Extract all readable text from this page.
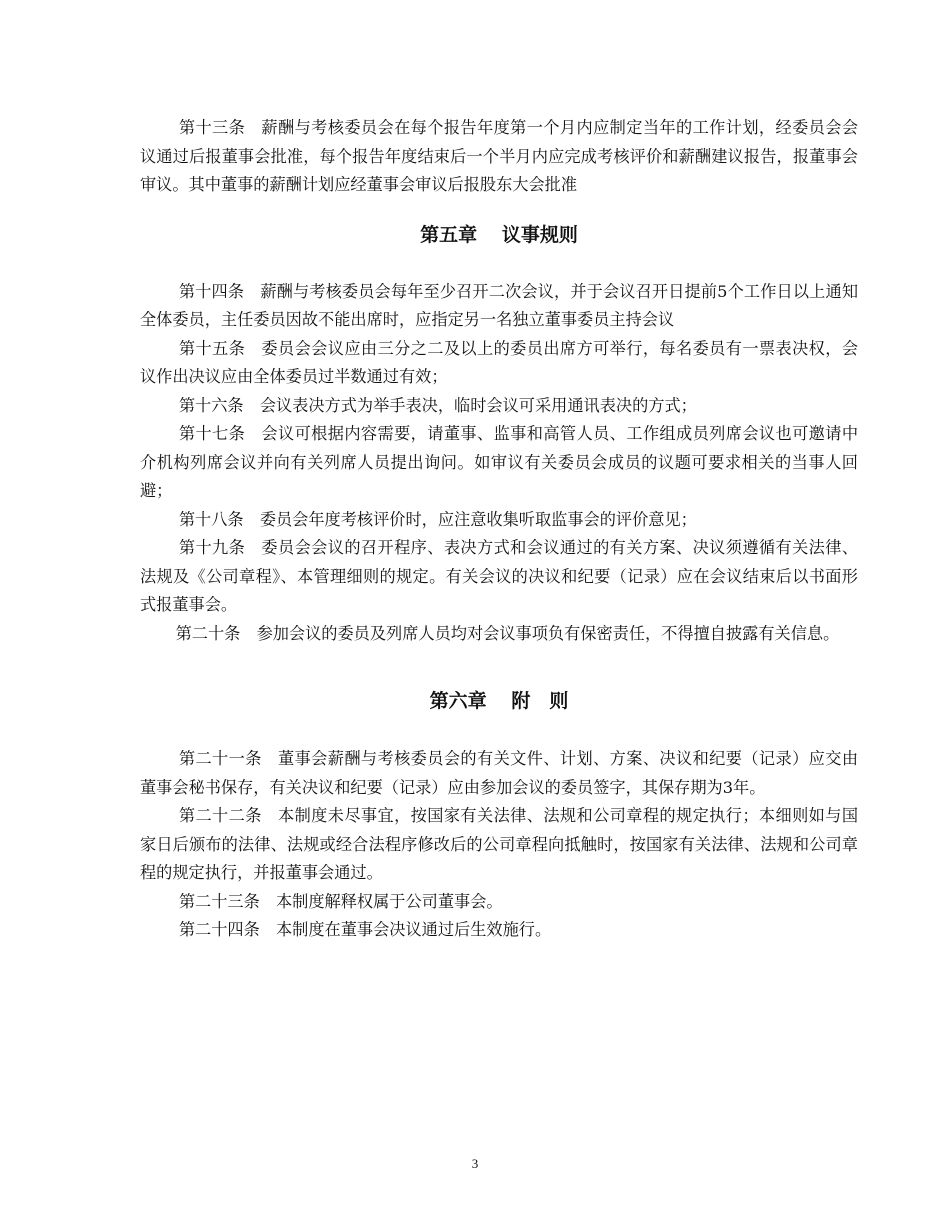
第十三条 薪酬与考核委员会在每个报告年度第一个月内应制定当年的工作计划，经委员会会议通过后报董事会批准，每个报告年度结束后一个半月内应完成考核评价和薪酬建议报告，报董事会审议。其中董事的薪酬计划应经董事会审议后报股东大会批准

第五章 议事规则

第十四条 薪酬与考核委员会每年至少召开二次会议，并于会议召开日提前5个工作日以上通知全体委员，主任委员因故不能出席时，应指定另一名独立董事委员主持会议

第十五条 委员会会议应由三分之二及以上的委员出席方可举行，每名委员有一票表决权，会议作出决议应由全体委员过半数通过有效；

第十六条 会议表决方式为举手表决，临时会议可采用通讯表决的方式；

第十七条 会议可根据内容需要，请董事、监事和高管人员、工作组成员列席会议也可邀请中介机构列席会议并向有关列席人员提出询问。如审议有关委员会成员的议题可要求相关的当事人回避；

第十八条 委员会年度考核评价时，应注意收集听取监事会的评价意见；

第十九条 委员会会议的召开程序、表决方式和会议通过的有关方案、决议须遵循有关法律、法规及《公司章程》、本管理细则的规定。有关会议的决议和纪要（记录）应在会议结束后以书面形式报董事会。

第二十条 参加会议的委员及列席人员均对会议事项负有保密责任，不得擅自披露有关信息。

第六章 附　则

第二十一条 董事会薪酬与考核委员会的有关文件、计划、方案、决议和纪要（记录）应交由董事会秘书保存，有关决议和纪要（记录）应由参加会议的委员签字，其保存期为3年。

第二十二条 本制度未尽事宜，按国家有关法律、法规和公司章程的规定执行；本细则如与国家日后颁布的法律、法规或经合法程序修改后的公司章程向抵触时，按国家有关法律、法规和公司章程的规定执行，并报董事会通过。

第二十三条 本制度解释权属于公司董事会。

第二十四条 本制度在董事会决议通过后生效施行。

3
